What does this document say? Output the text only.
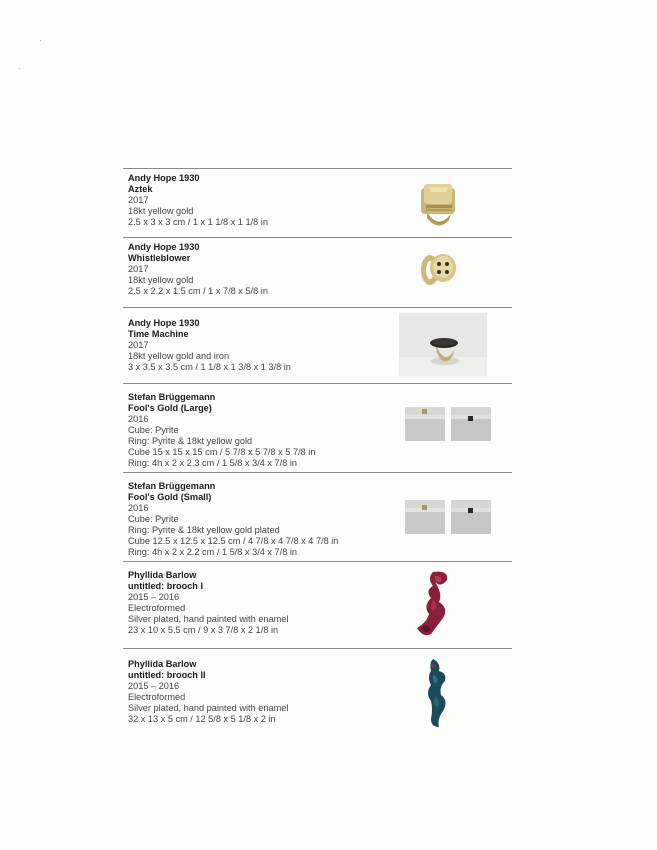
Andy Hope 1930
Aztek
2017
18kt yellow gold
2.5 x 3 x 3 cm / 1 x 1 1/8 x 1 1/8 in
Andy Hope 1930
Whistleblower
2017
18kt yellow gold
2.5 x 2.2 x 1.5 cm / 1 x 7/8 x 5/8 in
Andy Hope 1930
Time Machine
2017
18kt yellow gold and iron
3 x 3.5 x 3.5 cm / 1 1/8 x 1 3/8 x 1 3/8 in
Stefan Brüggemann
Fool's Gold (Large)
2016
Cube: Pyrite
Ring: Pyrite & 18kt yellow gold
Cube 15 x 15 x 15 cm / 5 7/8 x 5 7/8 x 5 7/8 in
Ring: 4h x 2 x 2.3 cm / 1 5/8 x 3/4 x 7/8 in
Stefan Brüggemann
Fool's Gold (Small)
2016
Cube: Pyrite
Ring: Pyrite & 18kt yellow gold plated
Cube 12.5 x 12.5 x 12.5 cm / 4 7/8 x 4 7/8 x 4 7/8 in
Ring: 4h x 2 x 2.2 cm / 1 5/8 x 3/4 x 7/8 in
Phyllida Barlow
untitled: brooch I
2015 – 2016
Electroformed
Silver plated, hand painted with enamel
23 x 10 x 5.5 cm / 9 x 3 7/8 x 2 1/8 in
Phyllida Barlow
untitled: brooch II
2015 – 2016
Electroformed
Silver plated, hand painted with enamel
32 x 13 x 5 cm / 12 5/8 x 5 1/8 x 2 in
